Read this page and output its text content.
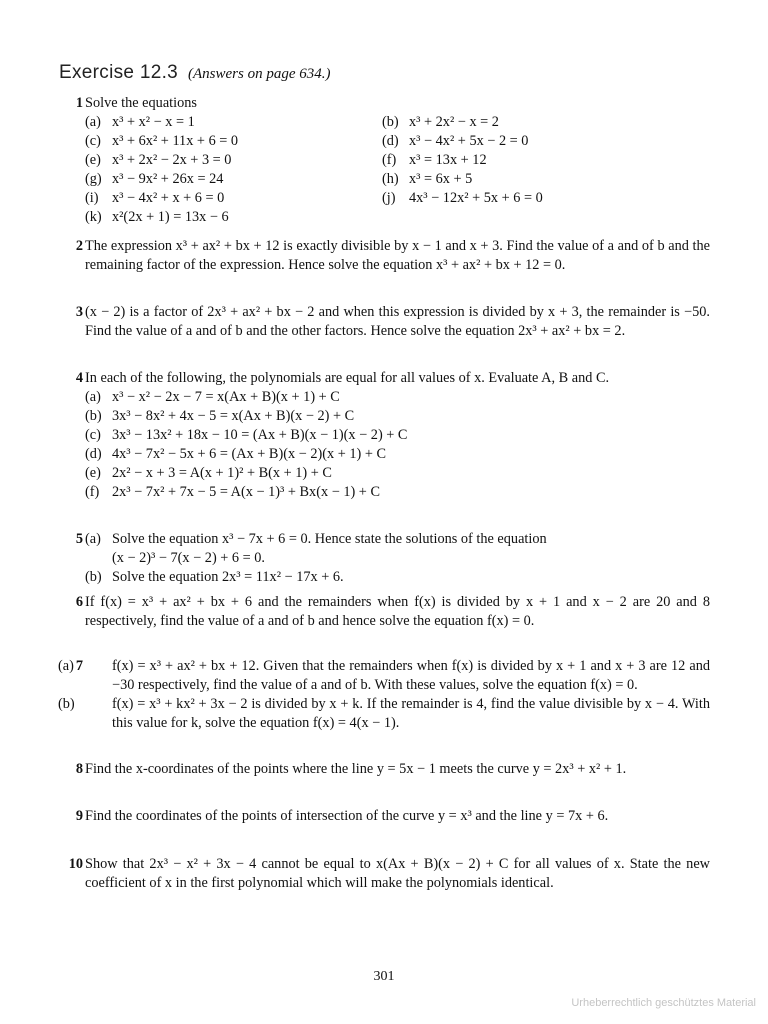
Exercise 12.3 (Answers on page 634.)
1 Solve the equations

(a) x³ + x² − x = 1	(b) x³ + 2x² − x = 2
(c) x³ + 6x² + 11x + 6 = 0	(d) x³ − 4x² + 5x − 2 = 0
(e) x³ + 2x² − 2x + 3 = 0	(f) x³ = 13x + 12
(g) x³ − 9x² + 26x = 24	(h) x³ = 6x + 5
(i) x³ − 4x² + x + 6 = 0	(j) 4x³ − 12x² + 5x + 6 = 0
(k) x²(2x + 1) = 13x − 6
2 The expression x³ + ax² + bx + 12 is exactly divisible by x − 1 and x + 3. Find the value of a and of b and the remaining factor of the expression. Hence solve the equation x³ + ax² + bx + 12 = 0.

3 (x − 2) is a factor of 2x³ + ax² + bx − 2 and when this expression is divided by x + 3, the remainder is −50. Find the value of a and of b and the other factors. Hence solve the equation 2x³ + ax² + bx = 2.

4 In each of the following, the polynomials are equal for all values of x. Evaluate A, B and C.

(a) x³ − x² − 2x − 7 = x(Ax + B)(x + 1) + C

(b) 3x³ − 8x² + 4x − 5 = x(Ax + B)(x − 2) + C

(c) 3x³ − 13x² + 18x − 10 = (Ax + B)(x − 1)(x − 2) + C

(d) 4x³ − 7x² − 5x + 6 = (Ax + B)(x − 2)(x + 1) + C

(e) 2x² − x + 3 = A(x + 1)² + B(x + 1) + C

(f) 2x³ − 7x² + 7x − 5 = A(x − 1)³ + Bx(x − 1) + C

5 (a) Solve the equation x³ − 7x + 6 = 0. Hence state the solutions of the equation

(x − 2)³ − 7(x − 2) + 6 = 0.

(b) Solve the equation 2x³ = 11x² − 17x + 6.

6 If f(x) = x³ + ax² + bx + 6 and the remainders when f(x) is divided by x + 1 and x − 2 are 20 and 8 respectively, find the value of a and of b and hence solve the equation f(x) = 0.

7

(a)	f(x) = x³ + ax² + bx + 12. Given that the remainders when f(x) is divided by x + 1 and x + 3 are 12 and −30 respectively, find the value of a and of b. With these values, solve the equation f(x) = 0.

(b)	f(x) = x³ + kx² + 3x − 2 is divided by x + k. If the remainder is 4, find the value divisible by x − 4. With this value for k, solve the equation f(x) = 4(x − 1).

8 Find the x-coordinates of the points where the line y = 5x − 1 meets the curve y = 2x³ + x² + 1.

9 Find the coordinates of the points of intersection of the curve y = x³ and the line y = 7x + 6.

10 Show that 2x³ − x² + 3x − 4 cannot be equal to x(Ax + B)(x − 2) + C for all values of x. State the new coefficient of x in the first polynomial which will make the polynomials identical.

301
Urheberrechtlich geschütztes Material
